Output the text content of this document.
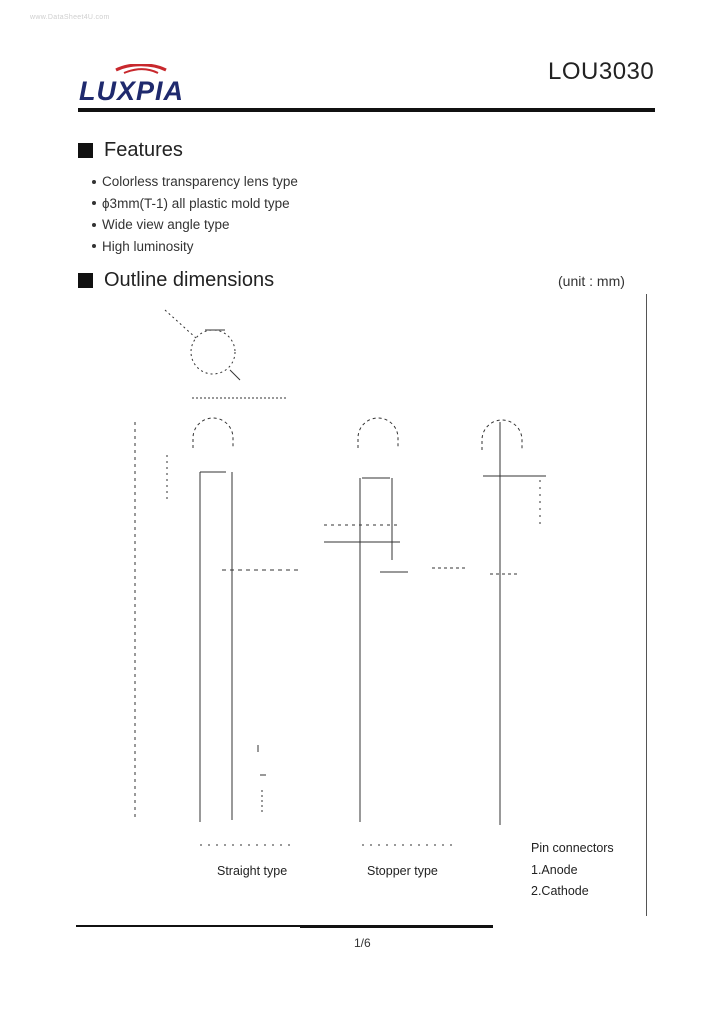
www.DataSheet4U.com
LUXPIA
LOU3030
Features
Colorless transparency lens type
ϕ3mm(T-1) all plastic mold type
Wide view angle type
High luminosity
Outline dimensions	(unit : mm)
Straight type	Stopper type
Pin connectors
1.Anode
2.Cathode
1/6
